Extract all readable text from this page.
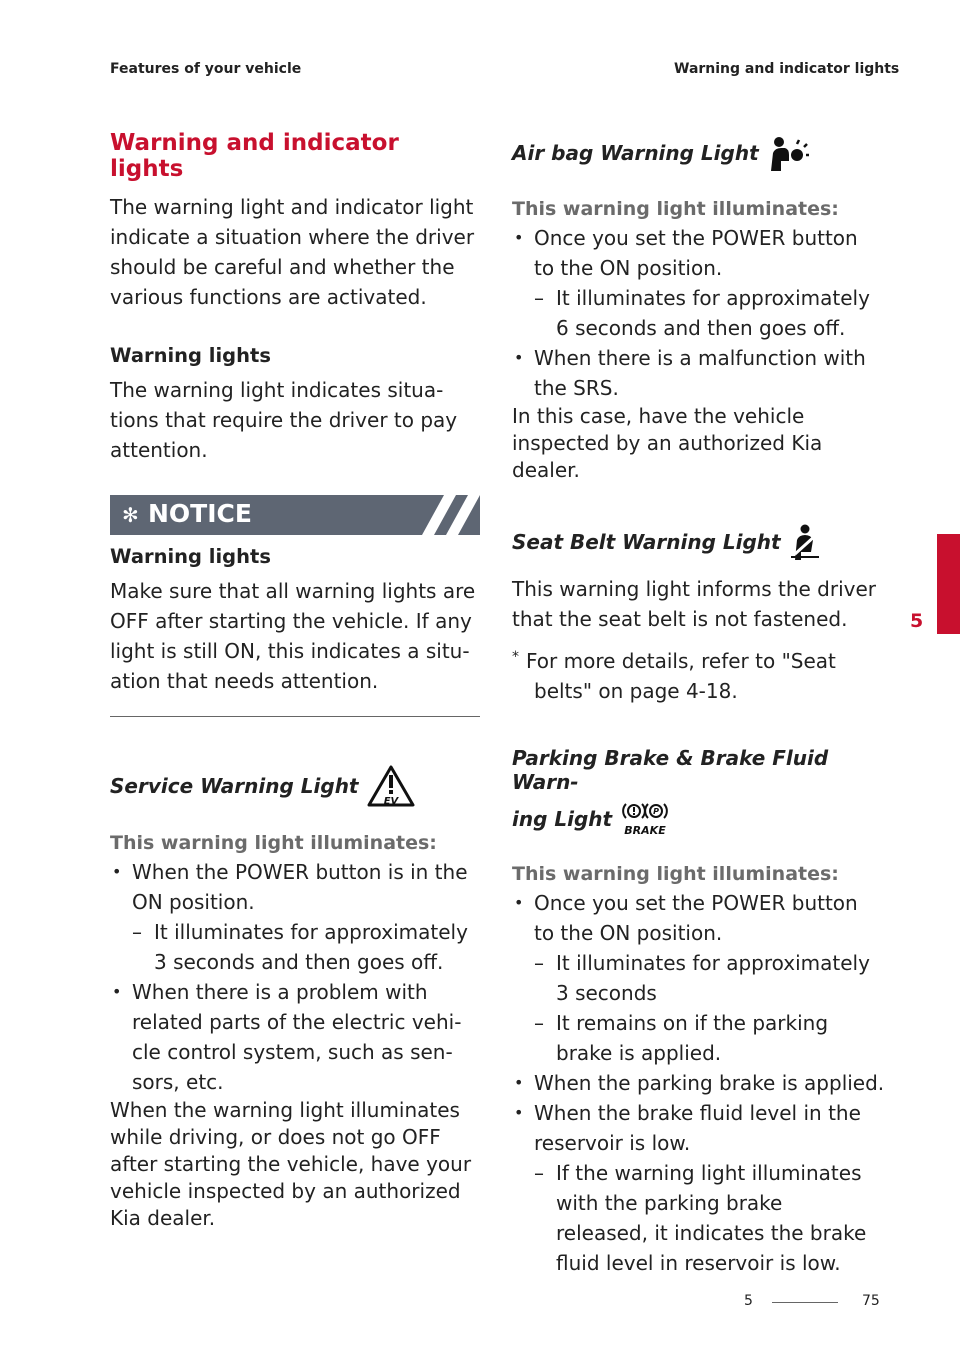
Features of your vehicle	Warning and indicator lights
Warning and indicator lights

The warning light and indicator light

indicate a situation where the driver

should be careful and whether the

various functions are activated.

Warning lights

The warning light indicates situa-

tions that require the driver to pay

attention.

✻ NOTICE
Warning lights

Make sure that all warning lights are

OFF after starting the vehicle. If any

light is still ON, this indicates a situ-

ation that needs attention.

Service Warning Light
EV

This warning light illuminates:

• When the POWER button is in the
ON position.
– It illuminates for approximately
3 seconds and then goes off.
• When there is a problem with
related parts of the electric vehi-
cle control system, such as sen-
sors, etc.

When the warning light illuminates

while driving, or does not go OFF

after starting the vehicle, have your

vehicle inspected by an authorized

Kia dealer.

Air bag Warning Light

This warning light illuminates:

• Once you set the POWER button
to the ON position.
– It illuminates for approximately
6 seconds and then goes off.
• When there is a malfunction with
the SRS.

In this case, have the vehicle

inspected by an authorized Kia

dealer.

Seat Belt Warning Light

This warning light informs the driver

that the seat belt is not fastened.

* For more details, refer to "Seat
belts" on page 4-18.
Parking Brake & Brake Fluid Warn-
ing Light	P
BRAKE

This warning light illuminates:

• Once you set the POWER button
to the ON position.
– It illuminates for approximately
3 seconds
– It remains on if the parking
brake is applied.
• When the parking brake is applied.
• When the brake fluid level in the
reservoir is low.
– If the warning light illuminates
with the parking brake
released, it indicates the brake
fluid level in reservoir is low.
5
5	75
